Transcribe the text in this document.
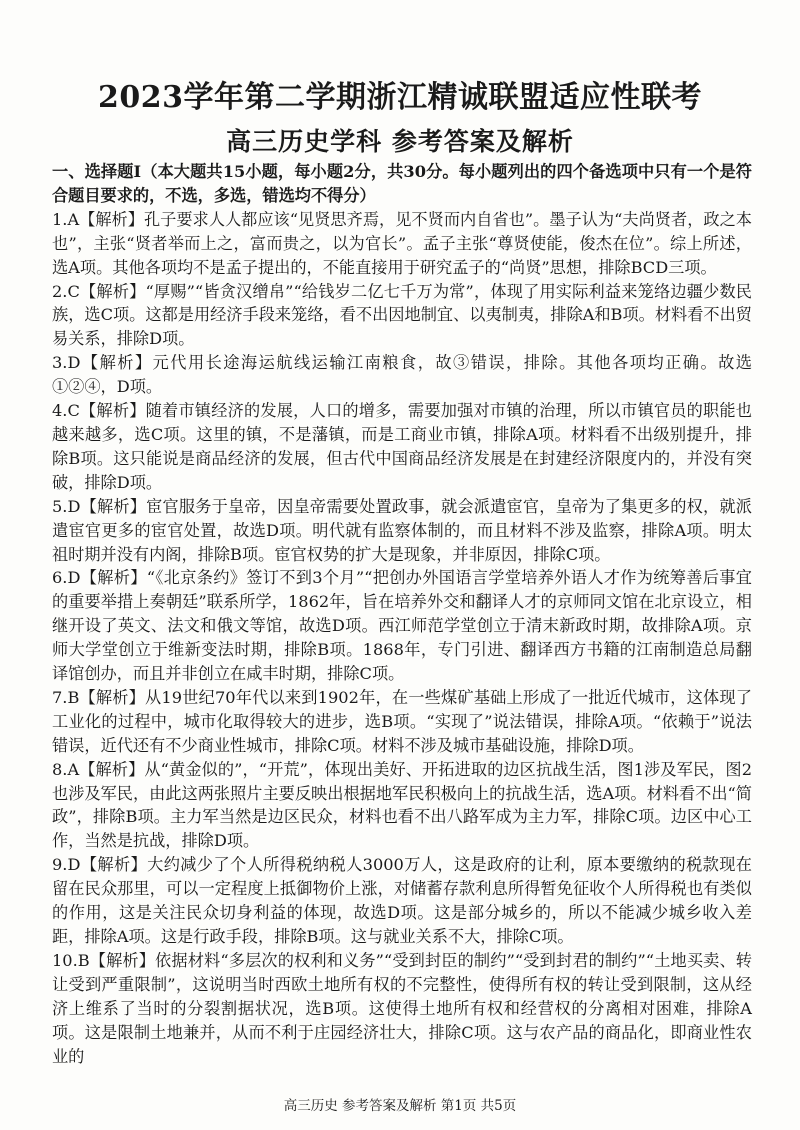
2023学年第二学期浙江精诚联盟适应性联考
高三历史学科 参考答案及解析

一、选择题Ⅰ（本大题共15小题，每小题2分，共30分。每小题列出的四个备选项中只有一个是符合题目要求的，不选，多选，错选均不得分）

1.A【解析】孔子要求人人都应该“见贤思齐焉，见不贤而内自省也”。墨子认为“夫尚贤者，政之本也”，主张“贤者举而上之，富而贵之，以为官长”。孟子主张“尊贤使能，俊杰在位”。综上所述，选A项。其他各项均不是孟子提出的，不能直接用于研究孟子的“尚贤”思想，排除BCD三项。

2.C【解析】“厚赐”“皆贪汉缯帛”“给钱岁二亿七千万为常”，体现了用实际利益来笼络边疆少数民族，选C项。这都是用经济手段来笼络，看不出因地制宜、以夷制夷，排除A和B项。材料看不出贸易关系，排除D项。

3.D【解析】元代用长途海运航线运输江南粮食，故③错误，排除。其他各项均正确。故选①②④，D项。

4.C【解析】随着市镇经济的发展，人口的增多，需要加强对市镇的治理，所以市镇官员的职能也越来越多，选C项。这里的镇，不是藩镇，而是工商业市镇，排除A项。材料看不出级别提升，排除B项。这只能说是商品经济的发展，但古代中国商品经济发展是在封建经济限度内的，并没有突破，排除D项。

5.D【解析】宦官服务于皇帝，因皇帝需要处置政事，就会派遣宦官，皇帝为了集更多的权，就派遣宦官更多的宦官处置，故选D项。明代就有监察体制的，而且材料不涉及监察，排除A项。明太祖时期并没有内阁，排除B项。宦官权势的扩大是现象，并非原因，排除C项。

6.D【解析】“《北京条约》签订不到3个月”“把创办外国语言学堂培养外语人才作为统筹善后事宜的重要举措上奏朝廷”联系所学，1862年，旨在培养外交和翻译人才的京师同文馆在北京设立，相继开设了英文、法文和俄文等馆，故选D项。西江师范学堂创立于清末新政时期，故排除A项。京师大学堂创立于维新变法时期，排除B项。1868年，专门引进、翻译西方书籍的江南制造总局翻译馆创办，而且并非创立在咸丰时期，排除C项。

7.B【解析】从19世纪70年代以来到1902年，在一些煤矿基础上形成了一批近代城市，这体现了工业化的过程中，城市化取得较大的进步，选B项。“实现了”说法错误，排除A项。“依赖于”说法错误，近代还有不少商业性城市，排除C项。材料不涉及城市基础设施，排除D项。

8.A【解析】从“黄金似的”，“开荒”，体现出美好、开拓进取的边区抗战生活，图1涉及军民，图2也涉及军民，由此这两张照片主要反映出根据地军民积极向上的抗战生活，选A项。材料看不出“简政”，排除B项。主力军当然是边区民众，材料也看不出八路军成为主力军，排除C项。边区中心工作，当然是抗战，排除D项。

9.D【解析】大约减少了个人所得税纳税人3000万人，这是政府的让利，原本要缴纳的税款现在留在民众那里，可以一定程度上抵御物价上涨，对储蓄存款利息所得暂免征收个人所得税也有类似的作用，这是关注民众切身利益的体现，故选D项。这是部分城乡的，所以不能减少城乡收入差距，排除A项。这是行政手段，排除B项。这与就业关系不大，排除C项。

10.B【解析】依据材料“多层次的权利和义务”“受到封臣的制约”“受到封君的制约”“土地买卖、转让受到严重限制”，这说明当时西欧土地所有权的不完整性，使得所有权的转让受到限制，这从经济上维系了当时的分裂割据状况，选B项。这使得土地所有权和经营权的分离相对困难，排除A项。这是限制土地兼并，从而不利于庄园经济壮大，排除C项。这与农产品的商品化，即商业性农业的

高三历史 参考答案及解析 第1页 共5页
